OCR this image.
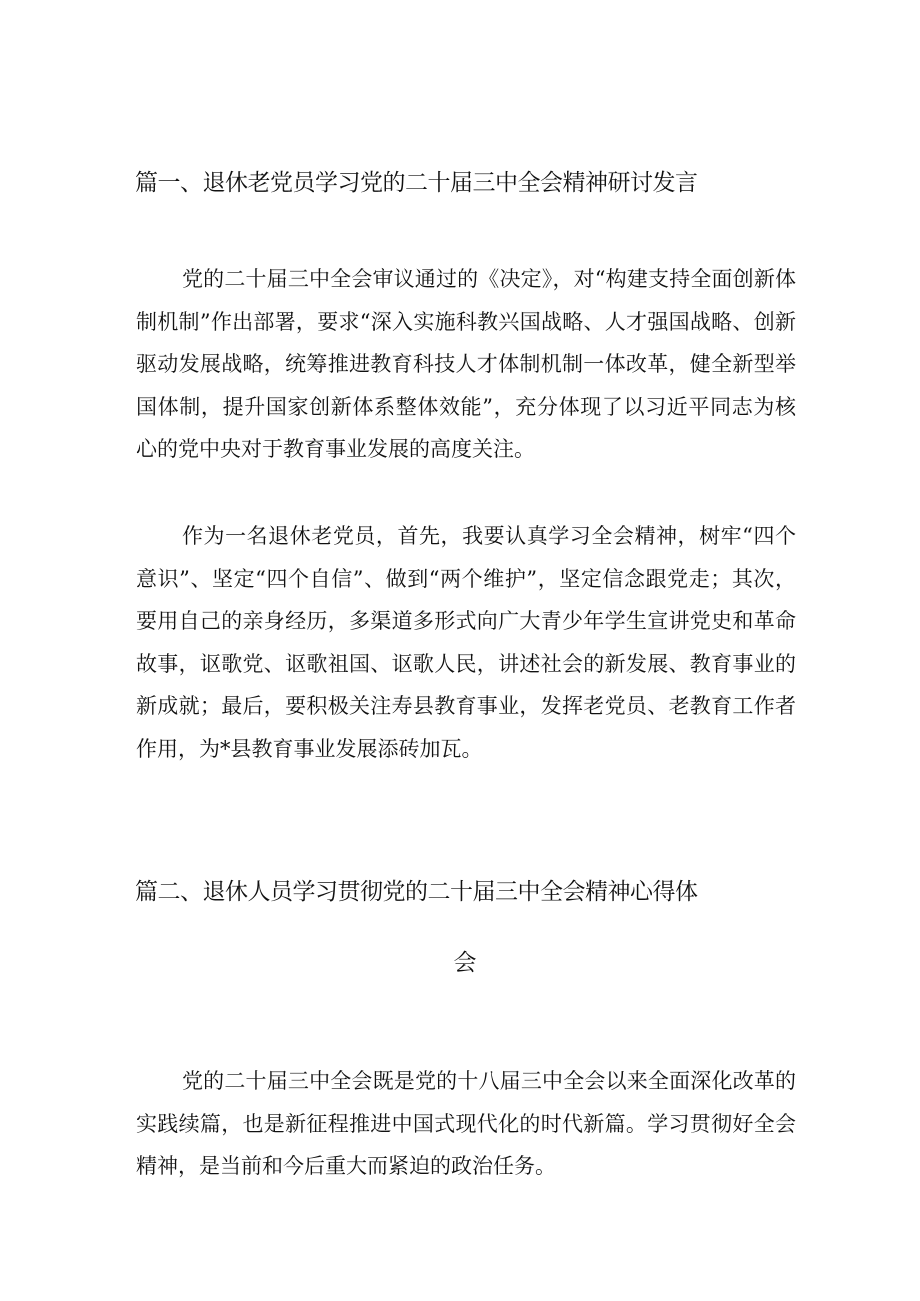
篇一、退休老党员学习党的二十届三中全会精神研讨发言

党的二十届三中全会审议通过的《决定》，对“构建支持全面创新体制机制”作出部署，要求“深入实施科教兴国战略、人才强国战略、创新驱动发展战略，统筹推进教育科技人才体制机制一体改革，健全新型举国体制，提升国家创新体系整体效能”，充分体现了以习近平同志为核心的党中央对于教育事业发展的高度关注。

作为一名退休老党员，首先，我要认真学习全会精神，树牢“四个意识”、坚定“四个自信”、做到“两个维护”，坚定信念跟党走；其次，要用自己的亲身经历，多渠道多形式向广大青少年学生宣讲党史和革命故事，讴歌党、讴歌祖国、讴歌人民，讲述社会的新发展、教育事业的新成就；最后，要积极关注寿县教育事业，发挥老党员、老教育工作者作用，为*县教育事业发展添砖加瓦。

篇二、退休人员学习贯彻党的二十届三中全会精神心得体
会

党的二十届三中全会既是党的十八届三中全会以来全面深化改革的实践续篇，也是新征程推进中国式现代化的时代新篇。学习贯彻好全会精神，是当前和今后重大而紧迫的政治任务。
